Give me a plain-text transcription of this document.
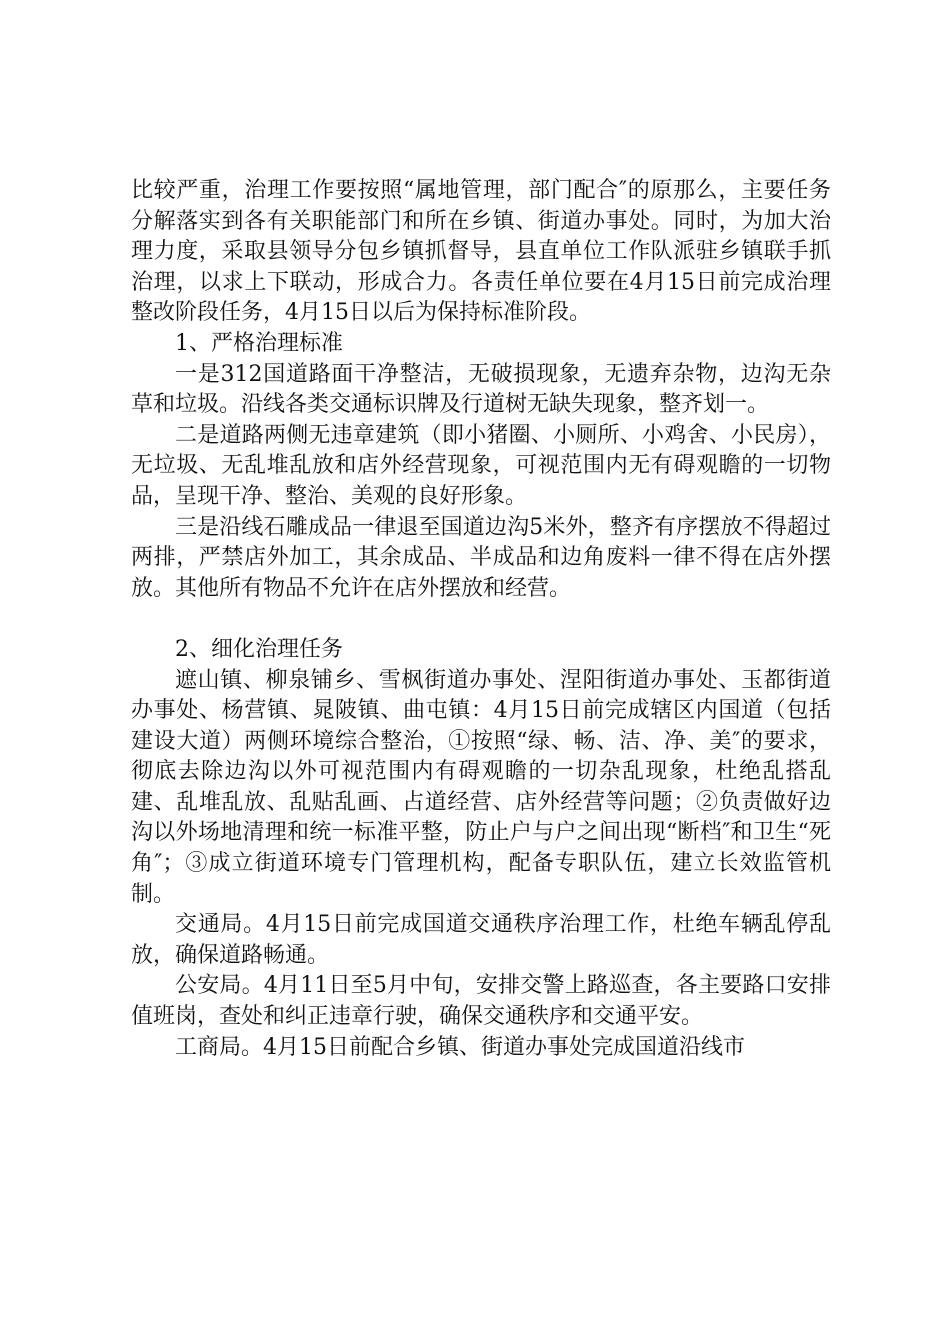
比较严重，治理工作要按照“属地管理，部门配合″的原那么，主要任务分解落实到各有关职能部门和所在乡镇、街道办事处。同时，为加大治理力度，采取县领导分包乡镇抓督导，县直单位工作队派驻乡镇联手抓治理，以求上下联动，形成合力。各责任单位要在4月15日前完成治理整改阶段任务，4月15日以后为保持标准阶段。

1、严格治理标准

一是312国道路面干净整洁，无破损现象，无遗弃杂物，边沟无杂草和垃圾。沿线各类交通标识牌及行道树无缺失现象，整齐划一。

二是道路两侧无违章建筑（即小猪圈、小厕所、小鸡舍、小民房），无垃圾、无乱堆乱放和店外经营现象，可视范围内无有碍观瞻的一切物品，呈现干净、整治、美观的良好形象。

三是沿线石雕成品一律退至国道边沟5米外，整齐有序摆放不得超过两排，严禁店外加工，其余成品、半成品和边角废料一律不得在店外摆放。其他所有物品不允许在店外摆放和经营。

2、细化治理任务

遮山镇、柳泉铺乡、雪枫街道办事处、涅阳街道办事处、玉都街道办事处、杨营镇、晁陂镇、曲屯镇：4月15日前完成辖区内国道（包括建设大道）两侧环境综合整治，①按照“绿、畅、洁、净、美″的要求，彻底去除边沟以外可视范围内有碍观瞻的一切杂乱现象，杜绝乱搭乱建、乱堆乱放、乱贴乱画、占道经营、店外经营等问题；②负责做好边沟以外场地清理和统一标准平整，防止户与户之间出现“断档″和卫生“死角″；③成立街道环境专门管理机构，配备专职队伍，建立长效监管机制。

交通局。4月15日前完成国道交通秩序治理工作，杜绝车辆乱停乱放，确保道路畅通。

公安局。4月11日至5月中旬，安排交警上路巡查，各主要路口安排值班岗，查处和纠正违章行驶，确保交通秩序和交通平安。

工商局。4月15日前配合乡镇、街道办事处完成国道沿线市
